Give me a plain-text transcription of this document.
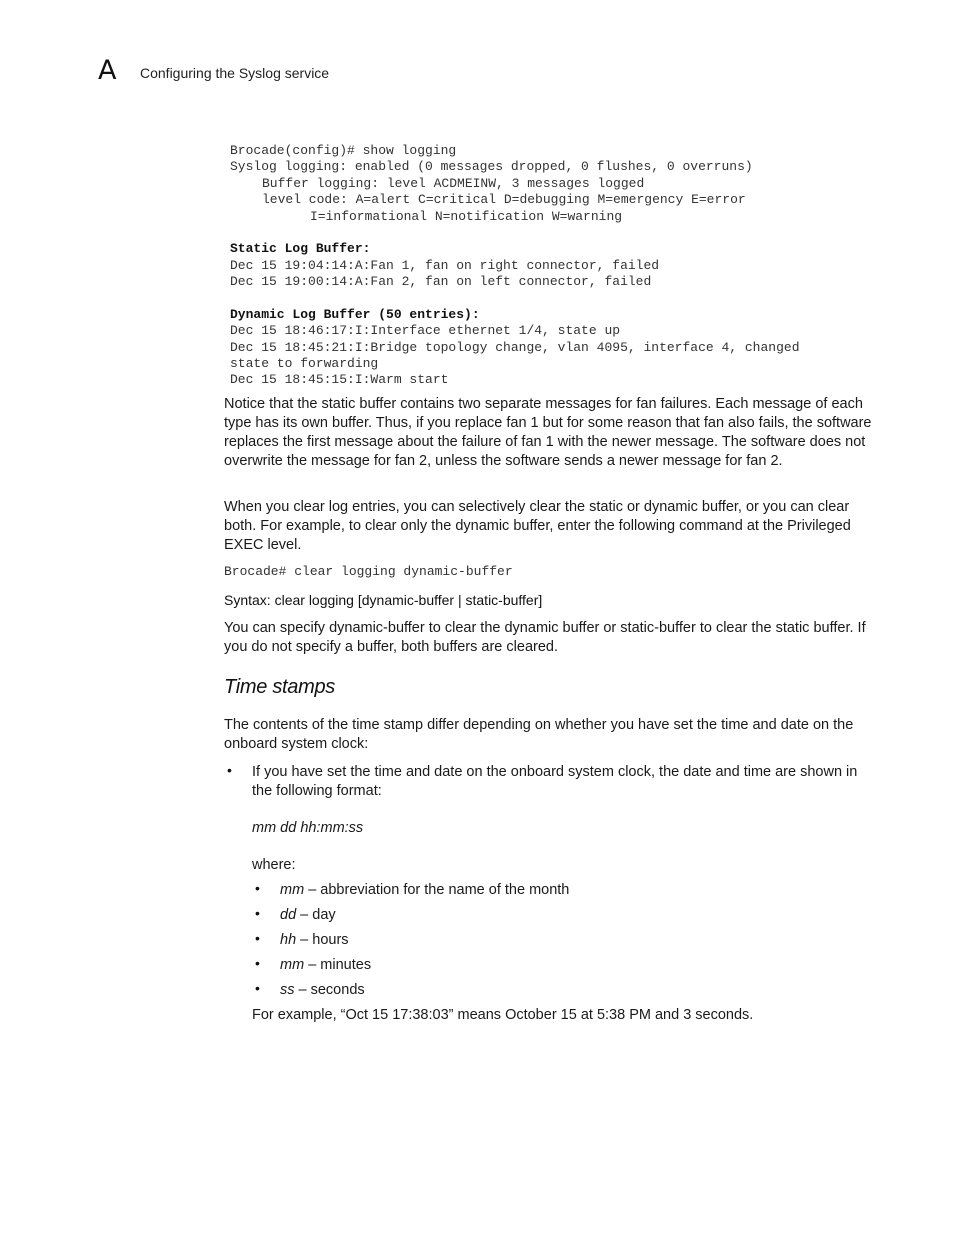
A Configuring the Syslog service
Brocade(config)# show logging
Syslog logging: enabled (0 messages dropped, 0 flushes, 0 overruns)
Buffer logging: level ACDMEINW, 3 messages logged
level code: A=alert C=critical D=debugging M=emergency E=error
I=informational N=notification W=warning
Static Log Buffer:
Dec 15 19:04:14:A:Fan 1, fan on right connector, failed
Dec 15 19:00:14:A:Fan 2, fan on left connector, failed
Dynamic Log Buffer (50 entries):
Dec 15 18:46:17:I:Interface ethernet 1/4, state up
Dec 15 18:45:21:I:Bridge topology change, vlan 4095, interface 4, changed
state to forwarding
Dec 15 18:45:15:I:Warm start
Notice that the static buffer contains two separate messages for fan failures. Each message of each type has its own buffer. Thus, if you replace fan 1 but for some reason that fan also fails, the software replaces the first message about the failure of fan 1 with the newer message. The software does not overwrite the message for fan 2, unless the software sends a newer message for fan 2.
When you clear log entries, you can selectively clear the static or dynamic buffer, or you can clear both. For example, to clear only the dynamic buffer, enter the following command at the Privileged EXEC level.
Brocade# clear logging dynamic-buffer
Syntax: clear logging [dynamic-buffer | static-buffer]
You can specify dynamic-buffer to clear the dynamic buffer or static-buffer to clear the static buffer. If you do not specify a buffer, both buffers are cleared.
Time stamps
The contents of the time stamp differ depending on whether you have set the time and date on the onboard system clock:
• If you have set the time and date on the onboard system clock, the date and time are shown in the following format:
mm dd hh:mm:ss
where:
• mm – abbreviation for the name of the month
• dd – day
• hh – hours
• mm – minutes
• ss – seconds
For example, “Oct 15 17:38:03” means October 15 at 5:38 PM and 3 seconds.
